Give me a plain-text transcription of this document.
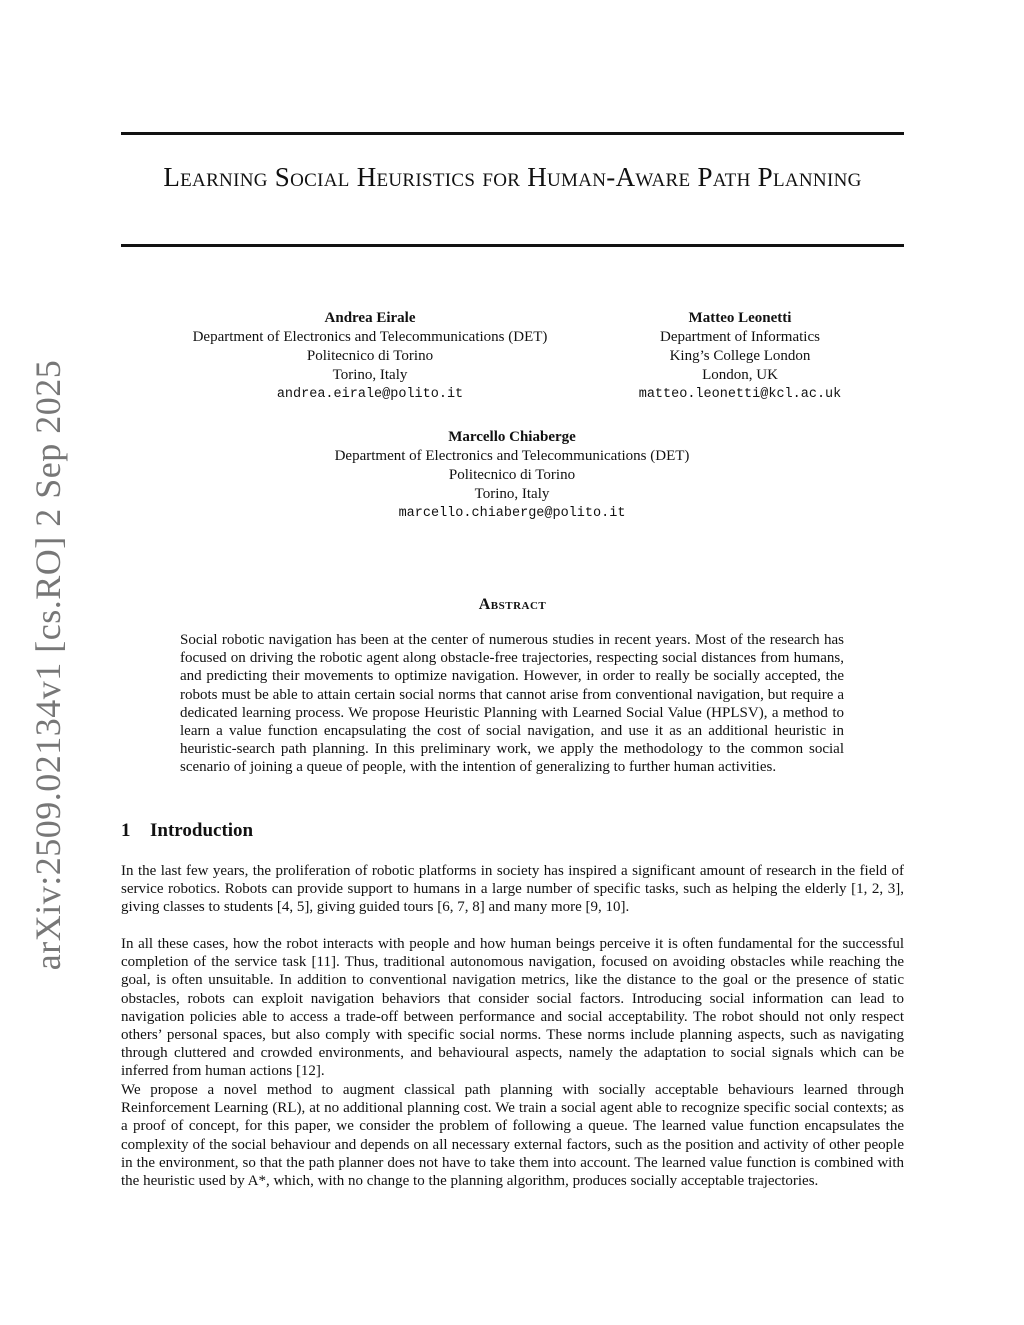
arXiv:2509.02134v1 [cs.RO] 2 Sep 2025
Learning Social Heuristics for Human-Aware Path Planning
Andrea Eirale
Department of Electronics and Telecommunications (DET)
Politecnico di Torino
Torino, Italy
andrea.eirale@polito.it
Matteo Leonetti
Department of Informatics
King’s College London
London, UK
matteo.leonetti@kcl.ac.uk
Marcello Chiaberge
Department of Electronics and Telecommunications (DET)
Politecnico di Torino
Torino, Italy
marcello.chiaberge@polito.it
Abstract
Social robotic navigation has been at the center of numerous studies in recent years. Most of the research has focused on driving the robotic agent along obstacle-free trajectories, respecting social distances from humans, and predicting their movements to optimize navigation. However, in order to really be socially accepted, the robots must be able to attain certain social norms that cannot arise from conventional navigation, but require a dedicated learning process. We propose Heuristic Planning with Learned Social Value (HPLSV), a method to learn a value function encapsulating the cost of social navigation, and use it as an additional heuristic in heuristic-search path planning. In this preliminary work, we apply the methodology to the common social scenario of joining a queue of people, with the intention of generalizing to further human activities.
1 Introduction
In the last few years, the proliferation of robotic platforms in society has inspired a significant amount of research in the field of service robotics. Robots can provide support to humans in a large number of specific tasks, such as helping the elderly [1, 2, 3], giving classes to students [4, 5], giving guided tours [6, 7, 8] and many more [9, 10].
In all these cases, how the robot interacts with people and how human beings perceive it is often fundamental for the successful completion of the service task [11]. Thus, traditional autonomous navigation, focused on avoiding obstacles while reaching the goal, is often unsuitable. In addition to conventional navigation metrics, like the distance to the goal or the presence of static obstacles, robots can exploit navigation behaviors that consider social factors. Introducing social information can lead to navigation policies able to access a trade-off between performance and social acceptability. The robot should not only respect others’ personal spaces, but also comply with specific social norms. These norms include planning aspects, such as navigating through cluttered and crowded environments, and behavioural aspects, namely the adaptation to social signals which can be inferred from human actions [12].
We propose a novel method to augment classical path planning with socially acceptable behaviours learned through Reinforcement Learning (RL), at no additional planning cost. We train a social agent able to recognize specific social contexts; as a proof of concept, for this paper, we consider the problem of following a queue. The learned value function encapsulates the complexity of the social behaviour and depends on all necessary external factors, such as the position and activity of other people in the environment, so that the path planner does not have to take them into account. The learned value function is combined with the heuristic used by A*, which, with no change to the planning algorithm, produces socially acceptable trajectories.
